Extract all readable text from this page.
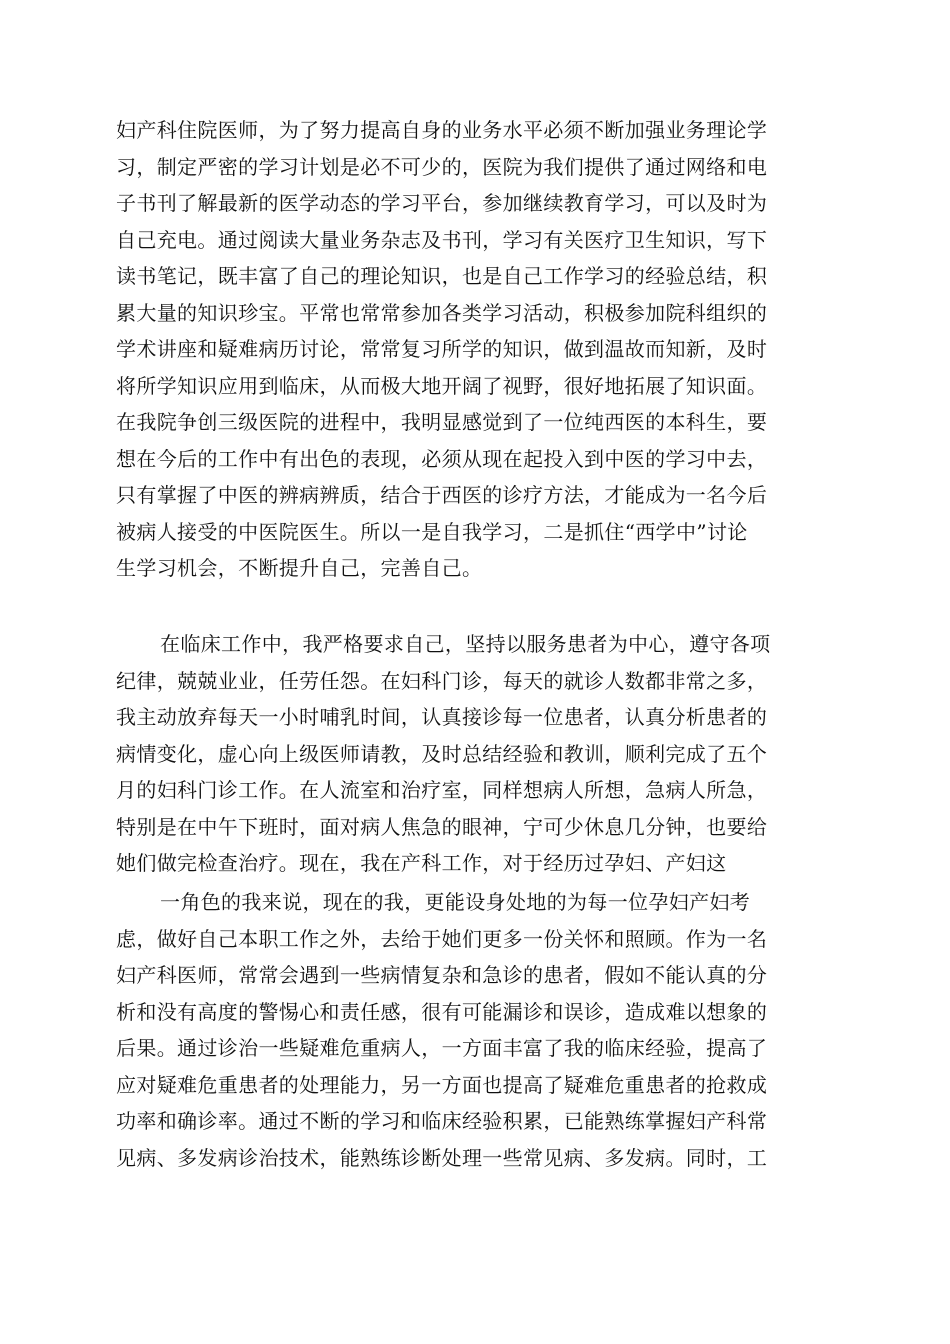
妇产科住院医师，为了努力提高自身的业务水平必须不断加强业务理论学
习，制定严密的学习计划是必不可少的，医院为我们提供了通过网络和电
子书刊了解最新的医学动态的学习平台，参加继续教育学习，可以及时为
自己充电。通过阅读大量业务杂志及书刊，学习有关医疗卫生知识，写下
读书笔记，既丰富了自己的理论知识，也是自己工作学习的经验总结，积
累大量的知识珍宝。平常也常常参加各类学习活动，积极参加院科组织的
学术讲座和疑难病历讨论，常常复习所学的知识，做到温故而知新，及时
将所学知识应用到临床，从而极大地开阔了视野，很好地拓展了知识面。
在我院争创三级医院的进程中，我明显感觉到了一位纯西医的本科生，要
想在今后的工作中有出色的表现，必须从现在起投入到中医的学习中去，
只有掌握了中医的辨病辨质，结合于西医的诊疗方法，才能成为一名今后
被病人接受的中医院医生。所以一是自我学习，二是抓住“西学中”讨论
生学习机会，不断提升自己，完善自己。
在临床工作中，我严格要求自己，坚持以服务患者为中心，遵守各项
纪律，兢兢业业，任劳任怨。在妇科门诊，每天的就诊人数都非常之多，
我主动放弃每天一小时哺乳时间，认真接诊每一位患者，认真分析患者的
病情变化，虚心向上级医师请教，及时总结经验和教训，顺利完成了五个
月的妇科门诊工作。在人流室和治疗室，同样想病人所想，急病人所急，
特别是在中午下班时，面对病人焦急的眼神，宁可少休息几分钟，也要给
她们做完检查治疗。现在，我在产科工作，对于经历过孕妇、产妇这
一角色的我来说，现在的我，更能设身处地的为每一位孕妇产妇考
虑，做好自己本职工作之外，去给于她们更多一份关怀和照顾。作为一名
妇产科医师，常常会遇到一些病情复杂和急诊的患者，假如不能认真的分
析和没有高度的警惕心和责任感，很有可能漏诊和误诊，造成难以想象的
后果。通过诊治一些疑难危重病人，一方面丰富了我的临床经验，提高了
应对疑难危重患者的处理能力，另一方面也提高了疑难危重患者的抢救成
功率和确诊率。通过不断的学习和临床经验积累，已能熟练掌握妇产科常
见病、多发病诊治技术，能熟练诊断处理一些常见病、多发病。同时，工
